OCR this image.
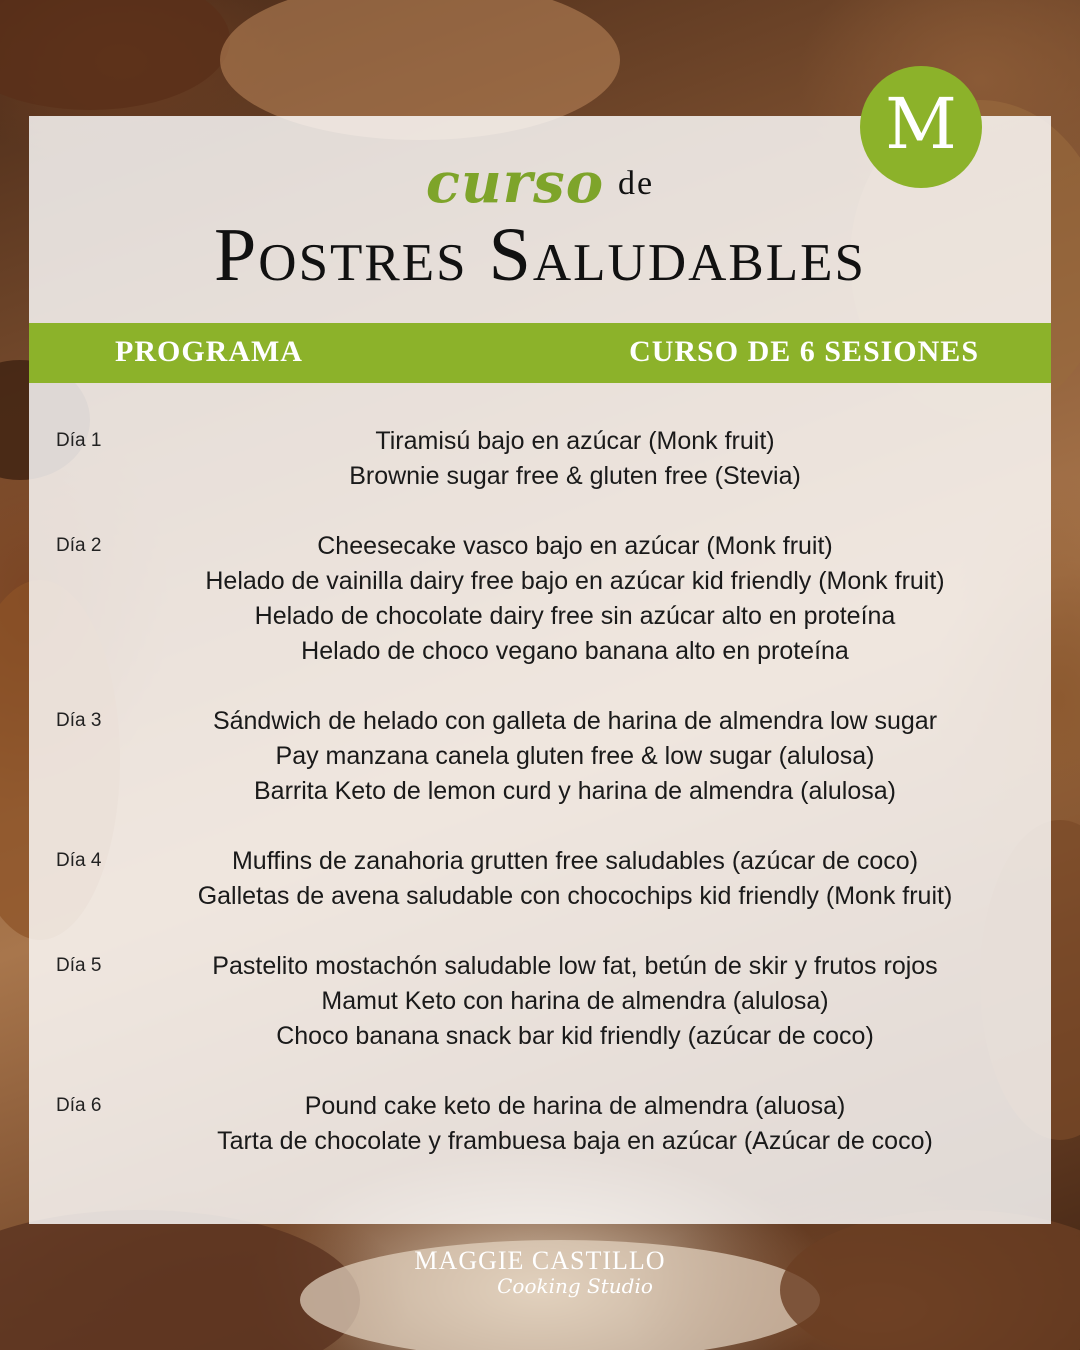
M
curso de
Postres Saludables
PROGRAMA	CURSO DE 6 SESIONES
Día 1	Tiramisú bajo en azúcar (Monk fruit)
Brownie sugar free & gluten free (Stevia)
Día 2	Cheesecake vasco bajo en azúcar (Monk fruit)
Helado de vainilla dairy free bajo en azúcar kid friendly (Monk fruit)
Helado de chocolate dairy free sin azúcar alto en proteína
Helado de choco vegano banana alto en proteína
Día 3	Sándwich de helado con galleta de harina de almendra low sugar
Pay manzana canela gluten free & low sugar (alulosa)
Barrita Keto de lemon curd y harina de almendra (alulosa)
Día 4	Muffins de zanahoria grutten free saludables (azúcar de coco)
Galletas de avena saludable con chocochips kid friendly (Monk fruit)
Día 5	Pastelito mostachón saludable low fat, betún de skir y frutos rojos
Mamut Keto con harina de almendra (alulosa)
Choco banana snack bar kid friendly (azúcar de coco)
Día 6	Pound cake keto de harina de almendra (aluosa)
Tarta de chocolate y frambuesa baja en azúcar (Azúcar de coco)
MAGGIE CASTILLO
Cooking Studio
